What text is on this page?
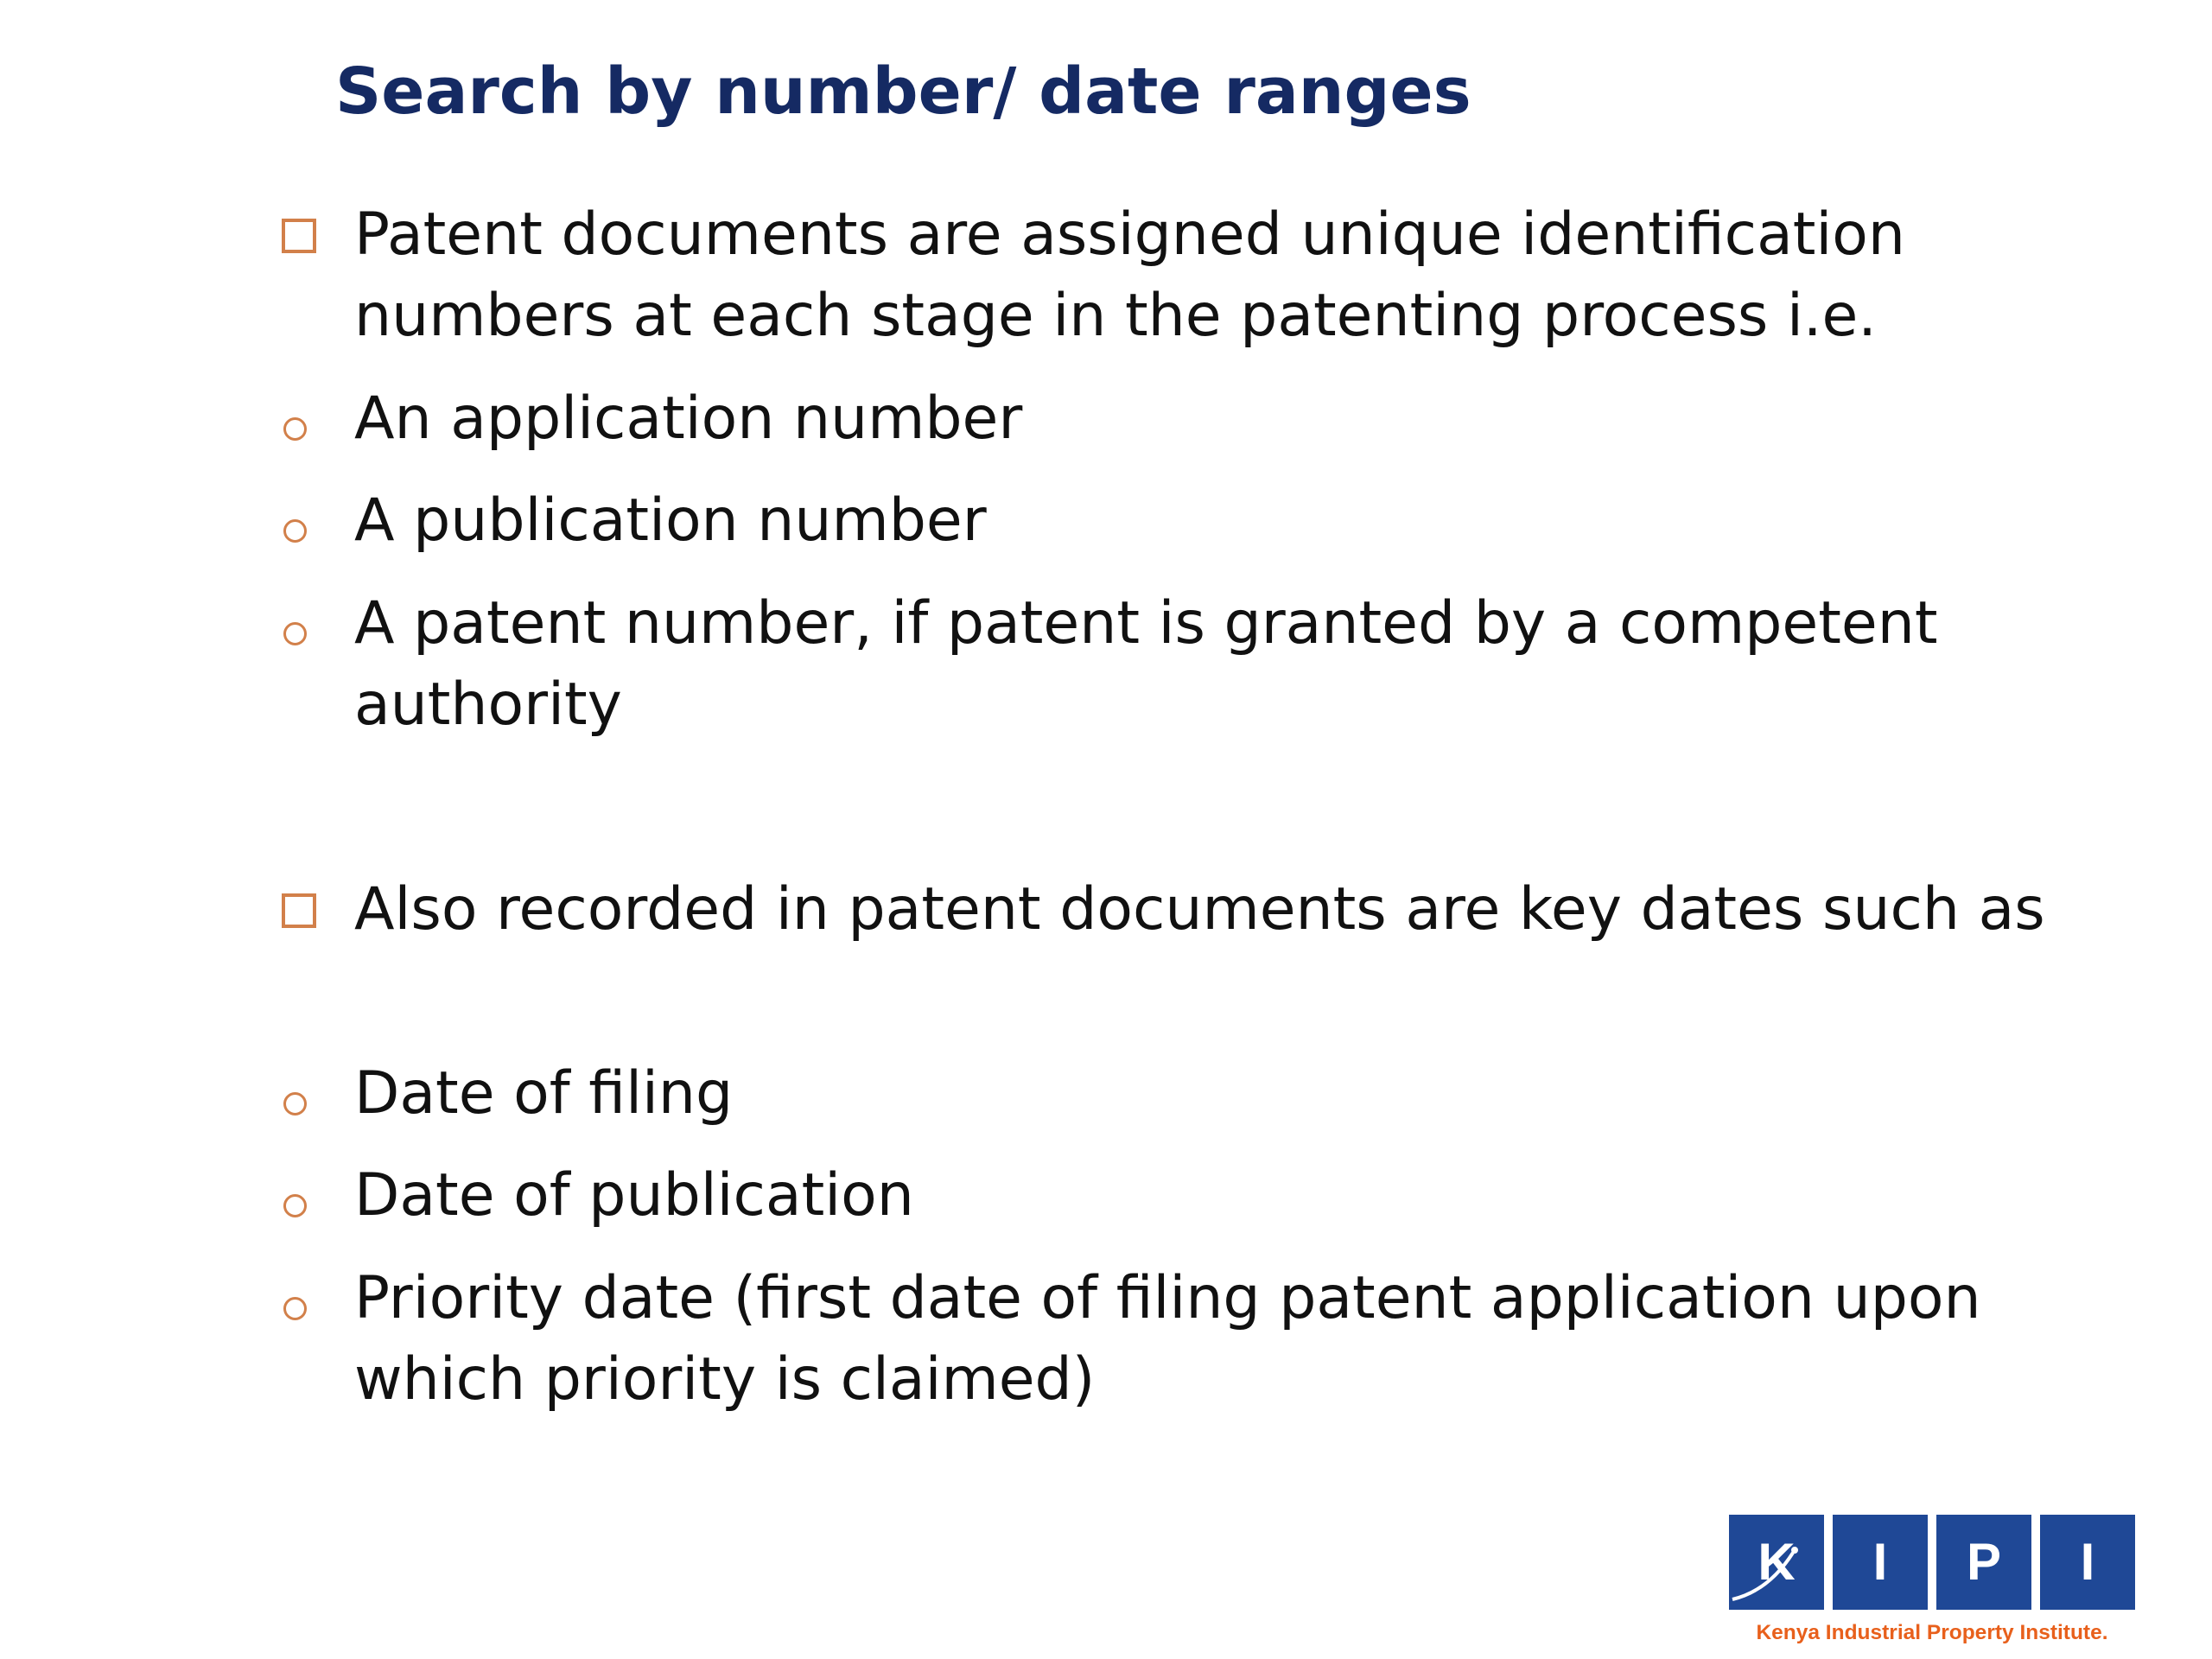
Search by number/ date ranges
Patent documents are assigned unique identification numbers at each stage in the patenting process i.e.
An application number
A publication number
A patent number, if patent is granted by a competent authority
Also recorded in patent documents are key dates such as
Date of filing
Date of publication
Priority date (first date of filing patent application upon which priority is claimed)
K	I	P	I
Kenya Industrial Property Institute.
